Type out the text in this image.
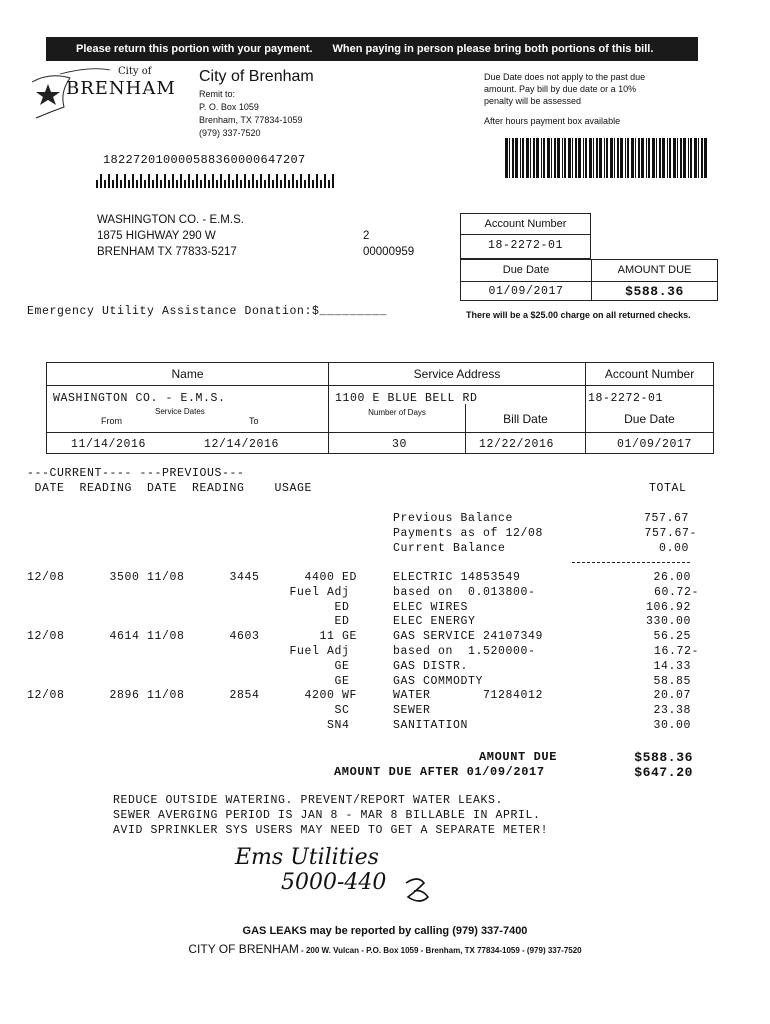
Please return this portion with your payment. When paying in person please bring both portions of this bill.
City of
BRENHAM
City of Brenham
Remit to:
P. O. Box 1059
Brenham, TX 77834-1059
(979) 337-7520
Due Date does not apply to the past due
amount. Pay bill by due date or a 10%
penalty will be assessed
After hours payment box available
182272010000588360000647207
WASHINGTON CO. - E.M.S.
1875 HIGHWAY 290 W
BRENHAM TX 77833-5217
2
00000959
Account Number
18-2272-01
Due Date
01/09/2017
AMOUNT DUE
$588.36
Emergency Utility Assistance Donation:$_________	There will be a $25.00 charge on all returned checks.
Name	Service Address	Account Number
WASHINGTON CO. - E.M.S.	1100 E BLUE BELL RD	18-2272-01
Service Dates
From	To
Number of Days	Bill Date	Due Date
11/14/2016	12/14/2016	30	12/22/2016	01/09/2017
---CURRENT---- ---PREVIOUS---
DATE  READING  DATE  READING    USAGE	TOTAL
Previous Balance	757.67
Payments as of 12/08	757.67-
Current Balance	0.00
12/08      3500 11/08      3445      4400 ED	ELECTRIC 14853549	26.00
Fuel Adj	based on  0.013800-	60.72-
ED	ELEC WIRES	106.92
ED	ELEC ENERGY	330.00
12/08      4614 11/08      4603        11 GE	GAS SERVICE 24107349	56.25
Fuel Adj	based on  1.520000-	16.72-
GE	GAS DISTR.	14.33
GE	GAS COMMODTY	58.85
12/08      2896 11/08      2854      4200 WF	WATER       71284012	20.07
SC	SEWER	23.38
SN4	SANITATION	30.00
AMOUNT DUE	$588.36
AMOUNT DUE AFTER 01/09/2017	$647.20
REDUCE OUTSIDE WATERING. PREVENT/REPORT WATER LEAKS.
SEWER AVERGING PERIOD IS JAN 8 - MAR 8 BILLABLE IN APRIL.
AVID SPRINKLER SYS USERS MAY NEED TO GET A SEPARATE METER!
Ems Utilities
5000-440
GAS LEAKS may be reported by calling (979) 337-7400
CITY OF BRENHAM - 200 W. Vulcan - P.O. Box 1059 - Brenham, TX 77834-1059 - (979) 337-7520
